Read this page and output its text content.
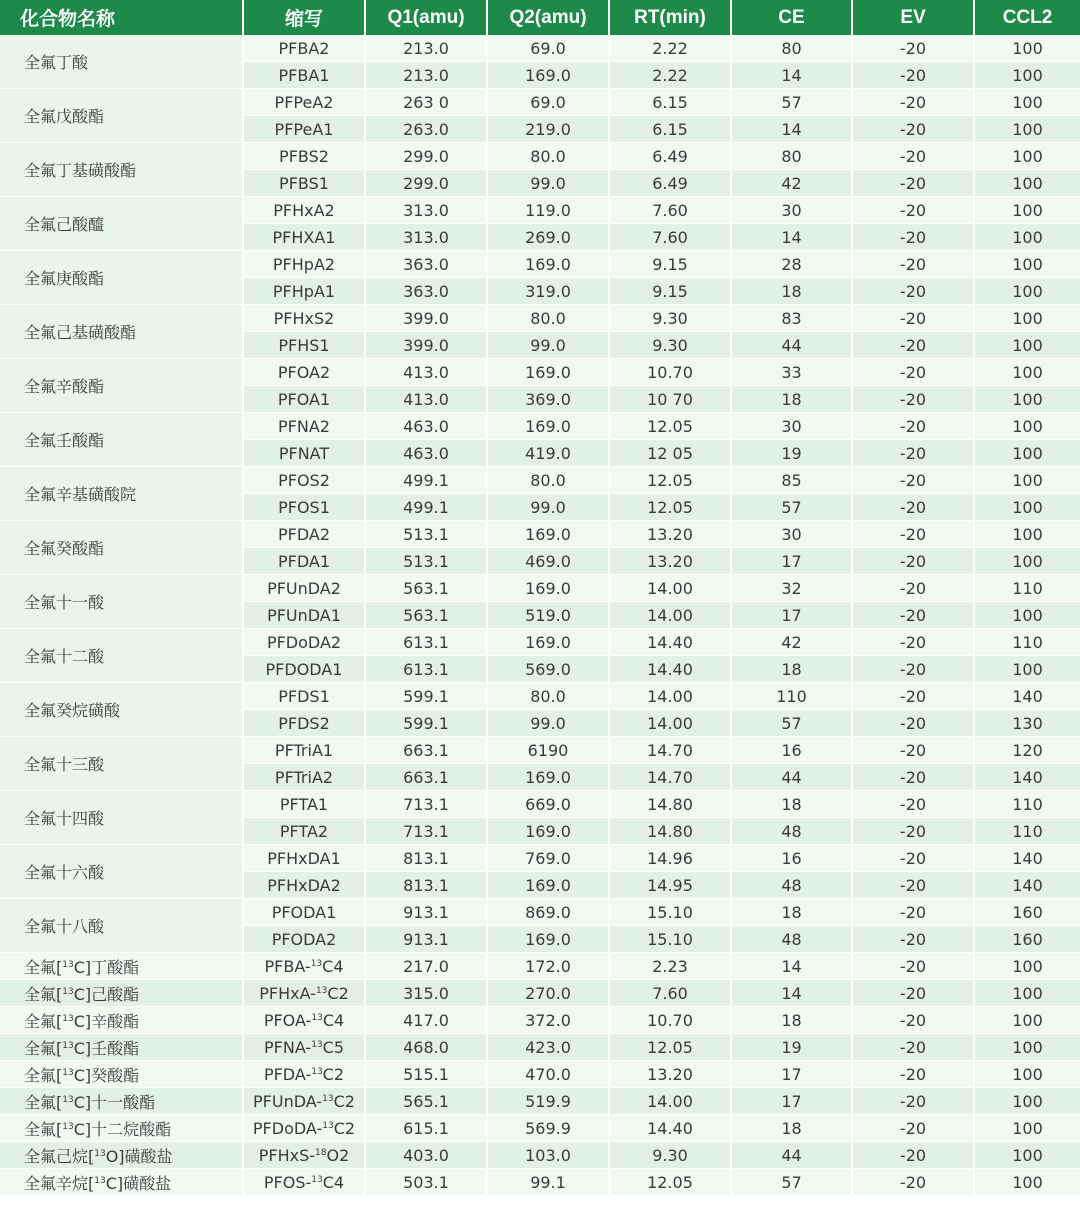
化合物名称	缩写	Q1(amu)	Q2(amu)	RT(min)	CE	EV	CCL2
全氟丁酸	PFBA2	213.0	69.0	2.22	80	-20	100
	PFBA1	213.0	169.0	2.22	14	-20	100
全氟戊酸酯	PFPeA2	263 0	69.0	6.15	57	-20	100
	PFPeA1	263.0	219.0	6.15	14	-20	100
全氟丁基磺酸酯	PFBS2	299.0	80.0	6.49	80	-20	100
	PFBS1	299.0	99.0	6.49	42	-20	100
全氟己酸醯	PFHxA2	313.0	119.0	7.60	30	-20	100
	PFHXA1	313.0	269.0	7.60	14	-20	100
全氟庚酸酯	PFHpA2	363.0	169.0	9.15	28	-20	100
	PFHpA1	363.0	319.0	9.15	18	-20	100
全氟己基磺酸酯	PFHxS2	399.0	80.0	9.30	83	-20	100
	PFHS1	399.0	99.0	9.30	44	-20	100
全氟辛酸酯	PFOA2	413.0	169.0	10.70	33	-20	100
	PFOA1	413.0	369.0	10 70	18	-20	100
全氟壬酸酯	PFNA2	463.0	169.0	12.05	30	-20	100
	PFNAT	463.0	419.0	12 05	19	-20	100
全氟辛基磺酸院	PFOS2	499.1	80.0	12.05	85	-20	100
	PFOS1	499.1	99.0	12.05	57	-20	100
全氟癸酸酯	PFDA2	513.1	169.0	13.20	30	-20	100
	PFDA1	513.1	469.0	13.20	17	-20	100
全氟十一酸	PFUnDA2	563.1	169.0	14.00	32	-20	110
	PFUnDA1	563.1	519.0	14.00	17	-20	100
全氟十二酸	PFDoDA2	613.1	169.0	14.40	42	-20	110
	PFDODA1	613.1	569.0	14.40	18	-20	100
全氟癸烷磺酸	PFDS1	599.1	80.0	14.00	110	-20	140
	PFDS2	599.1	99.0	14.00	57	-20	130
全氟十三酸	PFTriA1	663.1	6190	14.70	16	-20	120
	PFTriA2	663.1	169.0	14.70	44	-20	140
全氟十四酸	PFTA1	713.1	669.0	14.80	18	-20	110
	PFTA2	713.1	169.0	14.80	48	-20	110
全氟十六酸	PFHxDA1	813.1	769.0	14.96	16	-20	140
	PFHxDA2	813.1	169.0	14.95	48	-20	140
全氟十八酸	PFODA1	913.1	869.0	15.10	18	-20	160
	PFODA2	913.1	169.0	15.10	48	-20	160
全氟[$^{13}$C]丁酸酯	PFBA-$^{13}$C4	217.0	172.0	2.23	14	-20	100
全氟[$^{13}$C]己酸酯	PFHxA-$^{13}$C2	315.0	270.0	7.60	14	-20	100
全氟[$^{13}$C]辛酸酯	PFOA-$^{13}$C4	417.0	372.0	10.70	18	-20	100
全氟[$^{13}$C]壬酸酯	PFNA-$^{13}$C5	468.0	423.0	12.05	19	-20	100
全氟[$^{13}$C]癸酸酯	PFDA-$^{13}$C2	515.1	470.0	13.20	17	-20	100
全氟[$^{13}$C]十一酸酯	PFUnDA-$^{13}$C2	565.1	519.9	14.00	17	-20	100
全氟[$^{13}$C]十二烷酸酯	PFDoDA-$^{13}$C2	615.1	569.9	14.40	18	-20	100
全氟己烷[$^{13}$O]磺酸盐	PFHxS-$^{18}$O2	403.0	103.0	9.30	44	-20	100
全氟辛烷[$^{13}$C]磺酸盐	PFOS-$^{13}$C4	503.1	99.1	12.05	57	-20	100
